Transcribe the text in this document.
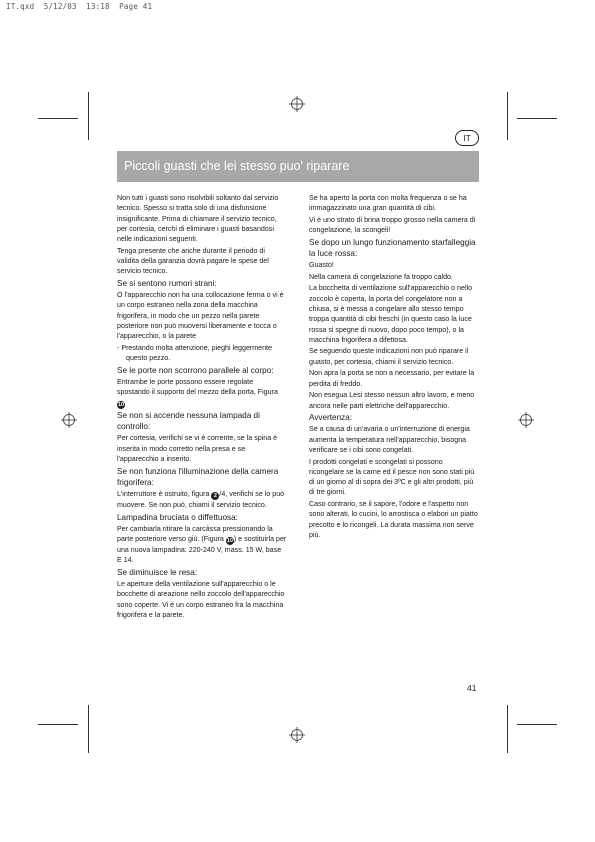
IT.qxd  5/12/03  13:18  Page 41
IT
Piccoli guasti che lei stesso puo' riparare

Non tutti i guasti sono risolvibili soltanto dal servizio tecnico. Spesso si tratta solo di una disfunsione insignificante. Prima di chiamare il servizio tecnico, per cortesia, cerchi di eliminare i guasti basandosi nelle indicazioni seguenti.

Tenga presente che anche durante il periodo di validita della garanzia dovrà pagare le spese del servicio tecnico.

Se si sentono rumori strani:

O l'apparecchio non ha una collocazione ferma o vi è un corpo estraneo nella zona della macchina frigorifera, in modo che un pezzo nella parete posteriore non può muoversi liberamente e tocca o l'apparecchio, o la parete

- Prestando molta attenzione, pieghi leggermente questo pezzo.

Se le porte non scorrono parallele al corpo:

Entrambe le porte possono essere regolate spostando il supporto del mezzo della porta, Figura 10

Se non si accende nessuna lampada di controllo:

Per cortesia, verifichi se vi è corrente, se la spina è inserita in modo corretto nella presa e se l'apparecchio a inserito.

Se non funziona l'illuminazione della camera frigorifera:

L'interruttore è ostruito, figura 2 /4, verifichi se lo può muovere. Se non può, chiami il servizio tecnico.

Lampadina bruciata o diffettuosa:

Per cambiarla ritirare la carcàssa pressionando la parte posteriore verso giù. (Figura 10) e sostituirla per una nuova lampadina: 220-240 V, mass. 15 W, base E 14.

Se diminuisce le resa:

Le aperture della ventilazione sull'apparecchio o le bocchette di areazione nello zoccolo dell'apparecchio sono coperte. Vi è un corpo estraneo fra la macchina frigorifera e la parete.

Se ha aperto la porta con molta frequenza o se ha immagazzinato una gran quantità di cibi.

Vi è uno strato di brina troppo grosso nella camera di congelazione, la scongeli!

Se dopo un lungo funzionamento starfalleggia la luce rossa:

Guasto!

Nella camera di congelazione fa troppo caldo.

La bocchetta di ventilazione sull'apparecchio o nello zoccolo è coperta, la porta del congelatore non a chiusa, si è messa a congelare allo stesso tempo troppa quantità di cibi freschi (in questo caso la luce rossa si spegne di nuovo, dopo poco tempo), o la macchina frigorifera a difettosa.

Se seguendo queste indicazioni non può riparare il guasto, per cortesia, chiami il servizio tecnico.

Non apra la porta se non a necessario, per evitare la perdita di freddo.

Non esegua Lesi stesso nessun altro lavoro, e meno ancora nelle parti elettriche dell'apparecchio.

Avvertenza:

Se a causa di un'avaria o un'interruzione di energia aumenta la temperatura nell'apparecchio, bisogna verificare se i cibi sono congelati.

I prodotti congelati e scongelati si possono ricongelare se la carne ed il pesce non sono stati più di un giorno al di sopra dei 3ºC e gli altri prodotti, più di tre giorni.

Caso contrario, se il sapore, l'odore e l'aspetto non sono alterati, lo cucini, lo arrostisca o elabori un piatto precotto e lo ricongeli. La durata massima non serve più.

41
